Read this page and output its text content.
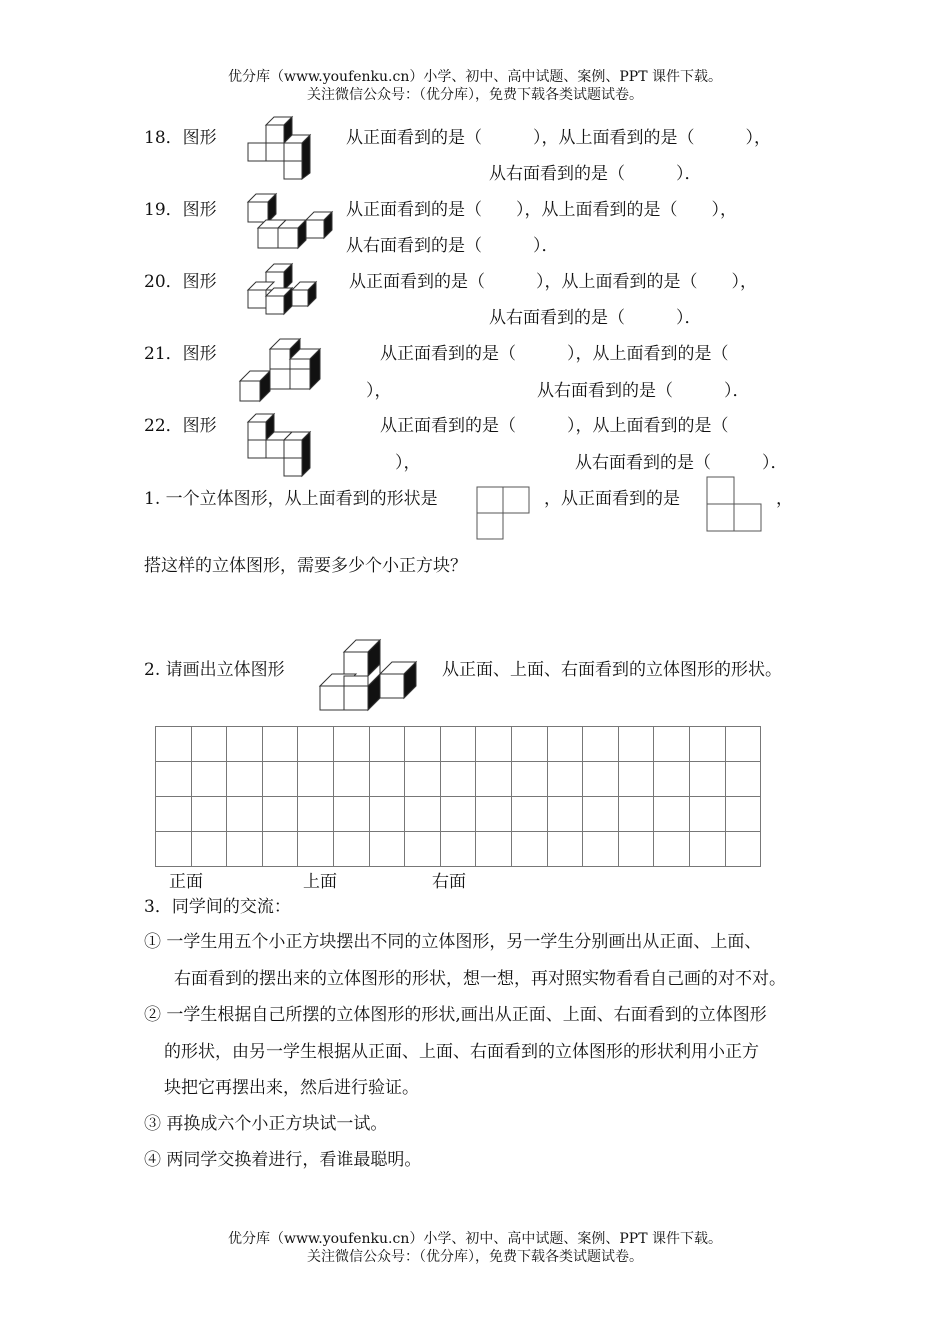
优分库（www.youfenku.cn）小学、初中、高中试题、案例、PPT 课件下载。
关注微信公众号：（优分库），免费下载各类试题试卷。
18．图形	从正面看到的是（　　　），从上面看到的是（　　　），
从右面看到的是（　　　）．
19．图形	从正面看到的是（　　），从上面看到的是（　　），
从右面看到的是（　　　）．
20．图形	从正面看到的是（　　　），从上面看到的是（　　），
从右面看到的是（　　　）．
21．图形	从正面看到的是（　　　），从上面看到的是（
），	从右面看到的是（　　　）．
22．图形	从正面看到的是（　　　），从上面看到的是（
），	从右面看到的是（　　　）．
1. 一个立体图形，从上面看到的形状是	，从正面看到的是	，
搭这样的立体图形，需要多少个小正方块？
2. 请画出立体图形	从正面、上面、右面看到的立体图形的形状。

正面	上面	右面
3．同学间的交流：
① 一学生用五个小正方块摆出不同的立体图形，另一学生分别画出从正面、上面、
右面看到的摆出来的立体图形的形状，想一想，再对照实物看看自己画的对不对。
② 一学生根据自己所摆的立体图形的形状,画出从正面、上面、右面看到的立体图形
的形状，由另一学生根据从正面、上面、右面看到的立体图形的形状利用小正方
块把它再摆出来，然后进行验证。
③ 再换成六个小正方块试一试。
④ 两同学交换着进行，看谁最聪明。
优分库（www.youfenku.cn）小学、初中、高中试题、案例、PPT 课件下载。
关注微信公众号：（优分库），免费下载各类试题试卷。
